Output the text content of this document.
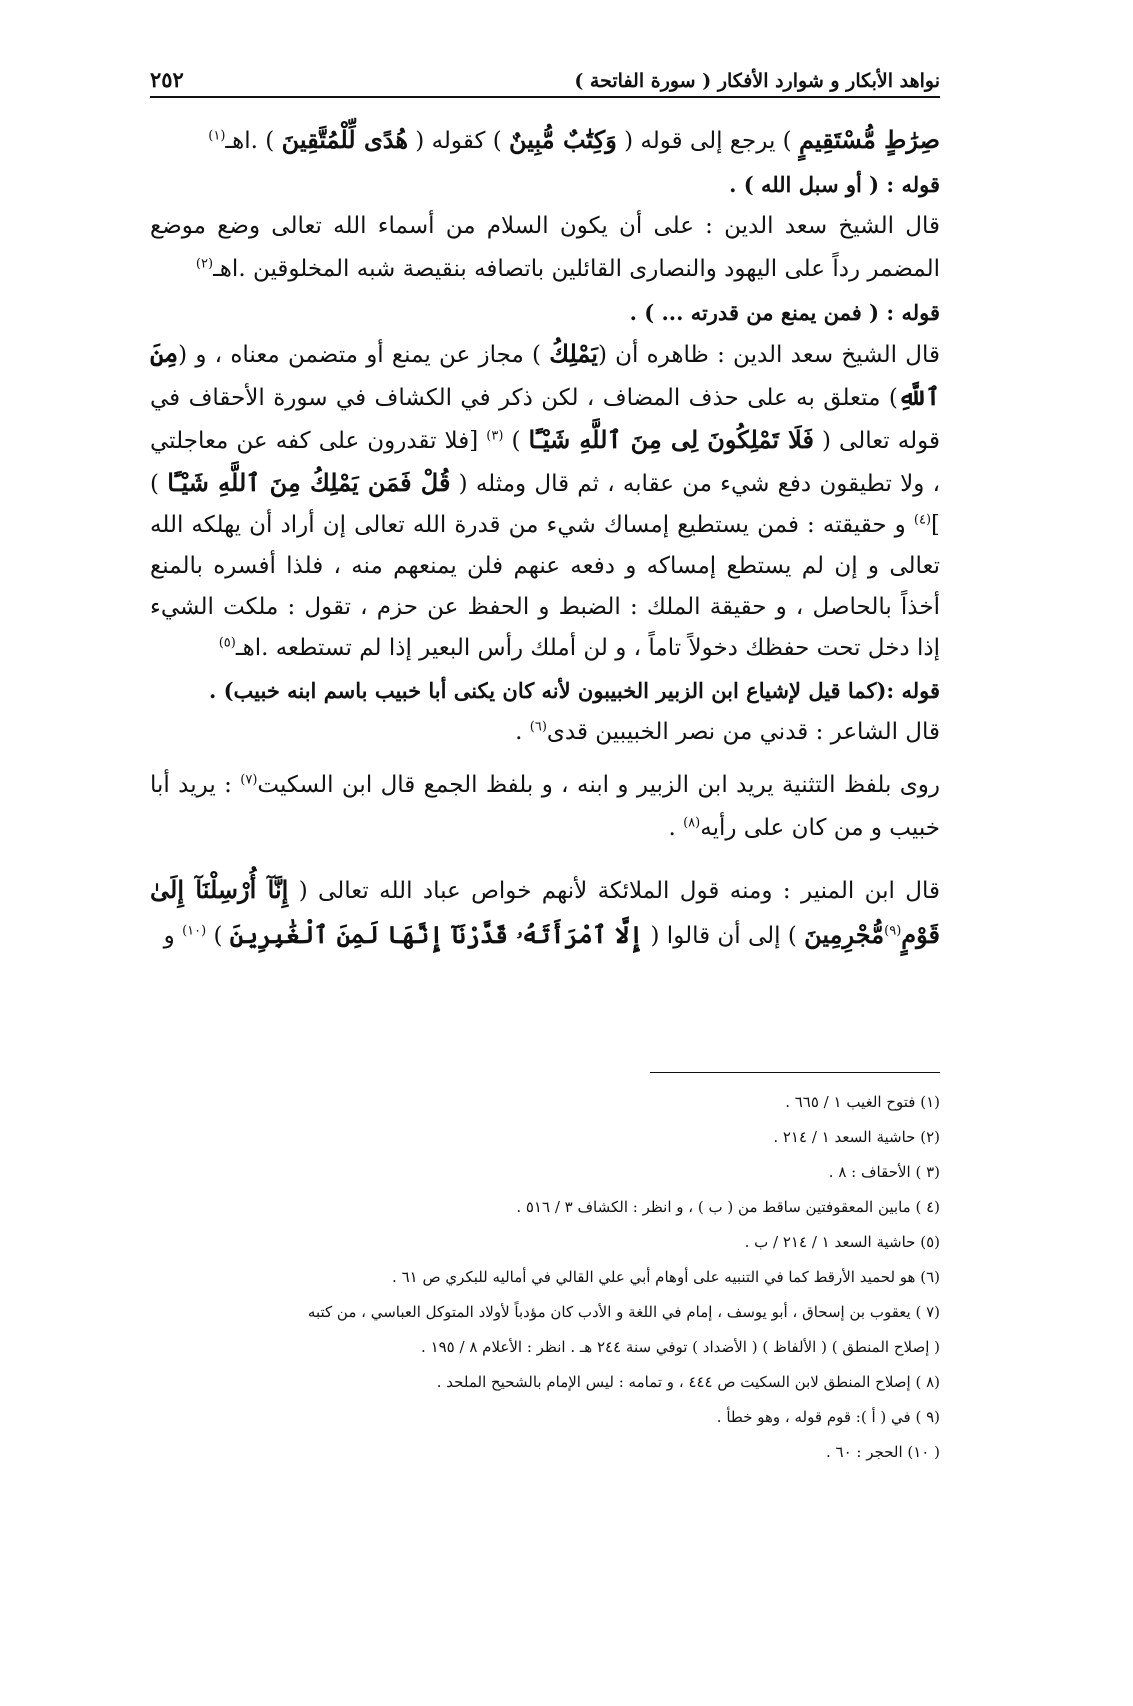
نواهد الأبكار و شوارد الأفكار ( سورة الفاتحة )
٢٥٢

صِرَٰطٍ مُّسْتَقِيمٍ ) يرجع إلى قوله ( وَكِتَٰبٌ مُّبِينٌ ) كقوله ( هُدًى لِّلْمُتَّقِينَ ) .اهـ$^{(١)}$

قوله : ( أو سبل الله ) .

قال الشيخ سعد الدين : على أن يكون السلام من أسماء الله تعالى وضع موضع المضمر رداً على اليهود والنصارى القائلين باتصافه بنقيصة شبه المخلوقين .اهـ$^{(٢)}$

قوله : ( فمن يمنع من قدرته ... ) .

قال الشيخ سعد الدين : ظاهره أن (يَمْلِكُ ) مجاز عن يمنع أو متضمن معناه ، و (مِنَ ٱللَّهِ) متعلق به على حذف المضاف ، لكن ذكر في الكشاف في سورة الأحقاف في قوله تعالى ( فَلَا تَمْلِكُونَ لِى مِنَ ٱللَّهِ شَيْـًٔا ) $^{(٣)}$ [فلا تقدرون على كفه عن معاجلتي ، ولا تطيقون دفع شيء من عقابه ، ثم قال ومثله ( قُلْ فَمَن يَمْلِكُ مِنَ ٱللَّهِ شَيْـًٔا ) ]$^{(٤)}$ و حقيقته : فمن يستطيع إمساك شيء من قدرة الله تعالى إن أراد أن يهلكه الله تعالى و إن لم يستطع إمساكه و دفعه عنهم فلن يمنعهم منه ، فلذا أفسره بالمنع أخذاً بالحاصل ، و حقيقة الملك : الضبط و الحفظ عن حزم ، تقول : ملكت الشيء إذا دخل تحت حفظك دخولاً تاماً ، و لن أملك رأس البعير إذا لم تستطعه .اهـ$^{(٥)}$

قوله :(كما قيل لإشياع ابن الزبير الخبيبون لأنه كان يكنى أبا خبيب باسم ابنه خبيب) .

قال الشاعر : قدني من نصر الخبيبين قدى$^{(٦)}$ .

روى بلفظ التثنية يريد ابن الزبير و ابنه ، و بلفظ الجمع قال ابن السكيت$^{(٧)}$ : يريد أبا خبيب و من كان على رأيه$^{(٨)}$ .

قال ابن المنير : ومنه قول الملائكة لأنهم خواص عباد الله تعالى ( إِنَّآ أُرْسِلْنَآ إِلَىٰ قَوْمٍ$^{(٩)}$مُّجْرِمِينَ ) إلى أن قالوا ( إِلَّا ٱمْرَأَتَهُۥ قَدَّرْنَآ إِنَّهَا لَمِنَ ٱلْغَٰبِرِينَ ) $^{(١٠)}$ و

(١) فتوح الغيب ١ / ٦٦٥ .

(٢) حاشية السعد ١ / ٢١٤ .

(٣ ) الأحقاف : ٨ .

(٤ ) مابين المعقوفتين ساقط من ( ب ) ، و انظر : الكشاف ٣ / ٥١٦ .

(٥) حاشية السعد ١ / ٢١٤ / ب .

(٦) هو لحميد الأرقط كما في التنبيه على أوهام أبي علي القالي في أماليه للبكري ص ٦١ .

(٧ ) يعقوب بن إسحاق ، أبو يوسف ، إمام في اللغة و الأدب كان مؤدباً لأولاد المتوكل العباسي ، من كتبه

( إصلاح المنطق ) ( الألفاظ ) ( الأضداد ) توفي سنة ٢٤٤ هـ . انظر : الأعلام ٨ / ١٩٥ .

(٨ ) إصلاح المنطق لابن السكيت ص ٤٤٤ ، و تمامه : ليس الإمام بالشحيح الملحد .

(٩ ) في ( أ ): قوم قوله ، وهو خطأ .

( ١٠) الحجر : ٦٠ .
